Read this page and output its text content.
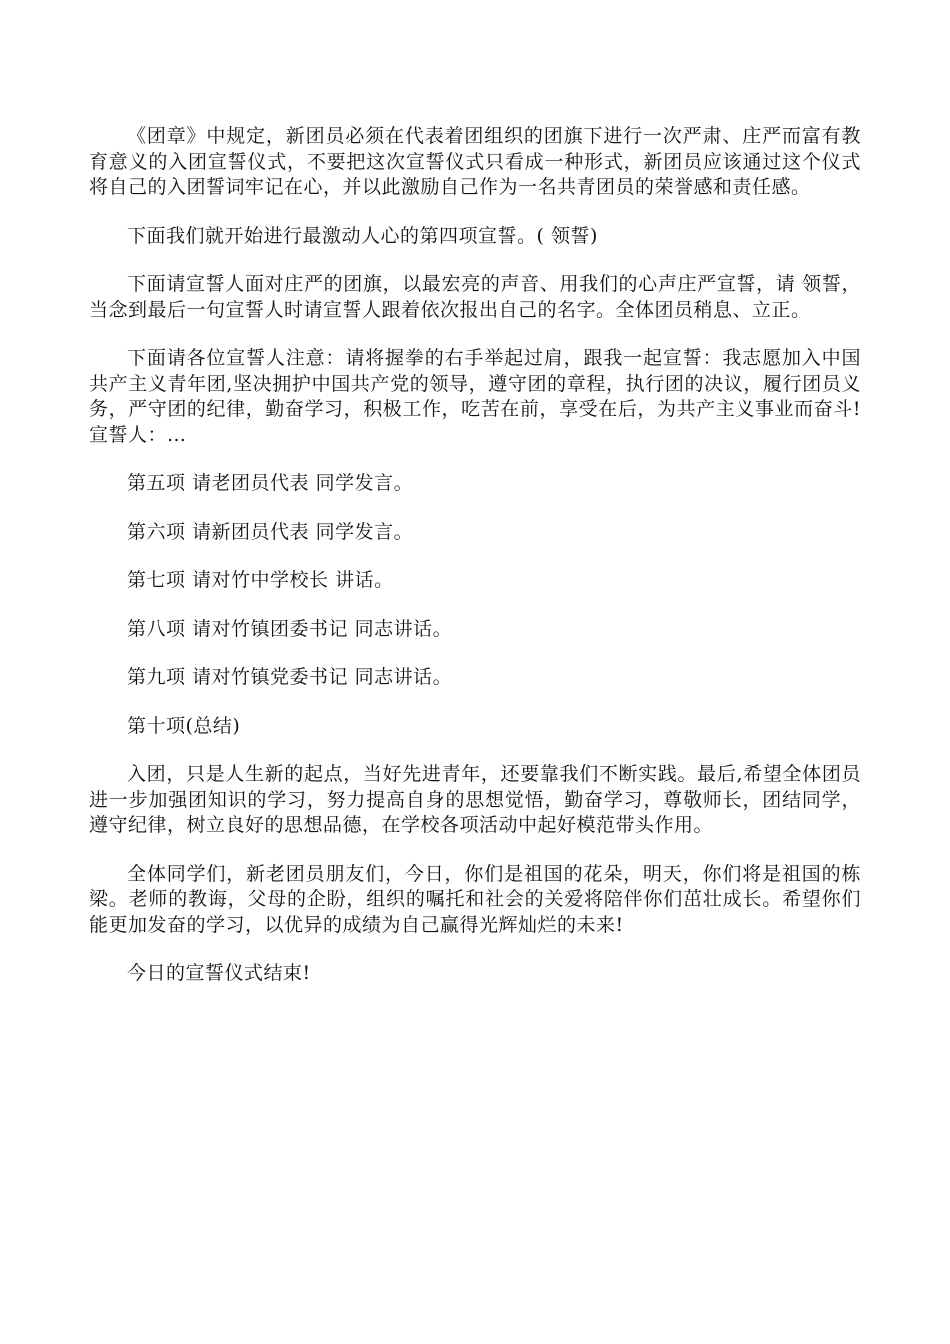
《团章》中规定，新团员必须在代表着团组织的团旗下进行一次严肃、庄严而富有教育意义的入团宣誓仪式，不要把这次宣誓仪式只看成一种形式，新团员应该通过这个仪式将自己的入团誓词牢记在心，并以此激励自己作为一名共青团员的荣誉感和责任感。

下面我们就开始进行最激动人心的第四项宣誓。( 领誓)

下面请宣誓人面对庄严的团旗，以最宏亮的声音、用我们的心声庄严宣誓，请 领誓，当念到最后一句宣誓人时请宣誓人跟着依次报出自己的名字。全体团员稍息、立正。

下面请各位宣誓人注意：请将握拳的右手举起过肩，跟我一起宣誓：我志愿加入中国共产主义青年团,坚决拥护中国共产党的领导，遵守团的章程，执行团的决议，履行团员义务，严守团的纪律，勤奋学习，积极工作，吃苦在前，享受在后，为共产主义事业而奋斗!宣誓人：…

第五项 请老团员代表 同学发言。

第六项 请新团员代表 同学发言。

第七项 请对竹中学校长 讲话。

第八项 请对竹镇团委书记 同志讲话。

第九项 请对竹镇党委书记 同志讲话。

第十项(总结)

入团，只是人生新的起点，当好先进青年，还要靠我们不断实践。最后,希望全体团员进一步加强团知识的学习，努力提高自身的思想觉悟，勤奋学习，尊敬师长，团结同学，遵守纪律，树立良好的思想品德，在学校各项活动中起好模范带头作用。

全体同学们，新老团员朋友们，今日，你们是祖国的花朵，明天，你们将是祖国的栋梁。老师的教诲，父母的企盼，组织的嘱托和社会的关爱将陪伴你们茁壮成长。希望你们能更加发奋的学习，以优异的成绩为自己赢得光辉灿烂的未来!

今日的宣誓仪式结束!
